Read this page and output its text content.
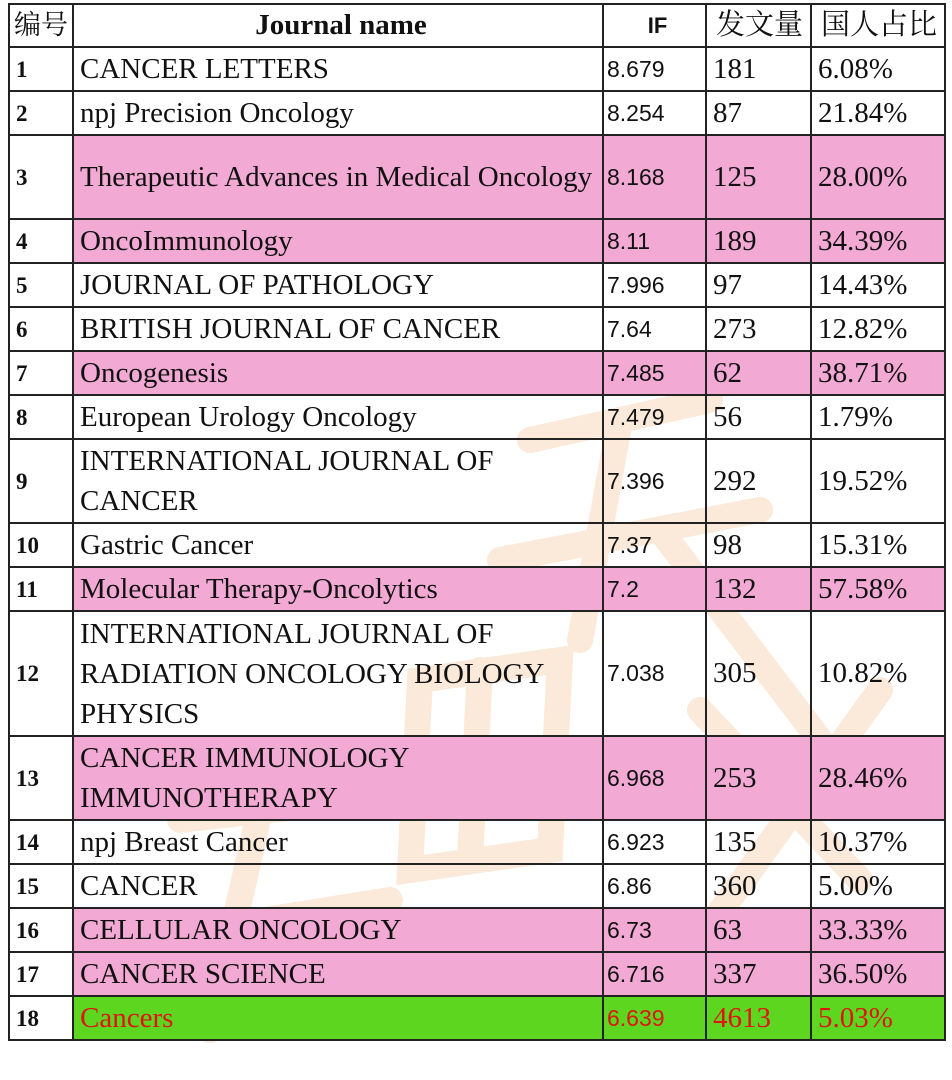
编号	Journal name	IF	发文量	国人占比
1	CANCER LETTERS	8.679	181	6.08%
2	npj Precision Oncology	8.254	87	21.84%
3	Therapeutic Advances in Medical Oncology	8.168	125	28.00%
4	OncoImmunology	8.11	189	34.39%
5	JOURNAL OF PATHOLOGY	7.996	97	14.43%
6	BRITISH JOURNAL OF CANCER	7.64	273	12.82%
7	Oncogenesis	7.485	62	38.71%
8	European Urology Oncology	7.479	56	1.79%
9	INTERNATIONAL JOURNAL OF CANCER	7.396	292	19.52%
10	Gastric Cancer	7.37	98	15.31%
11	Molecular Therapy-Oncolytics	7.2	132	57.58%
12	INTERNATIONAL JOURNAL OF RADIATION ONCOLOGY BIOLOGY PHYSICS	7.038	305	10.82%
13	CANCER IMMUNOLOGY IMMUNOTHERAPY	6.968	253	28.46%
14	npj Breast Cancer	6.923	135	10.37%
15	CANCER	6.86	360	5.00%
16	CELLULAR ONCOLOGY	6.73	63	33.33%
17	CANCER SCIENCE	6.716	337	36.50%
18	Cancers	6.639	4613	5.03%
